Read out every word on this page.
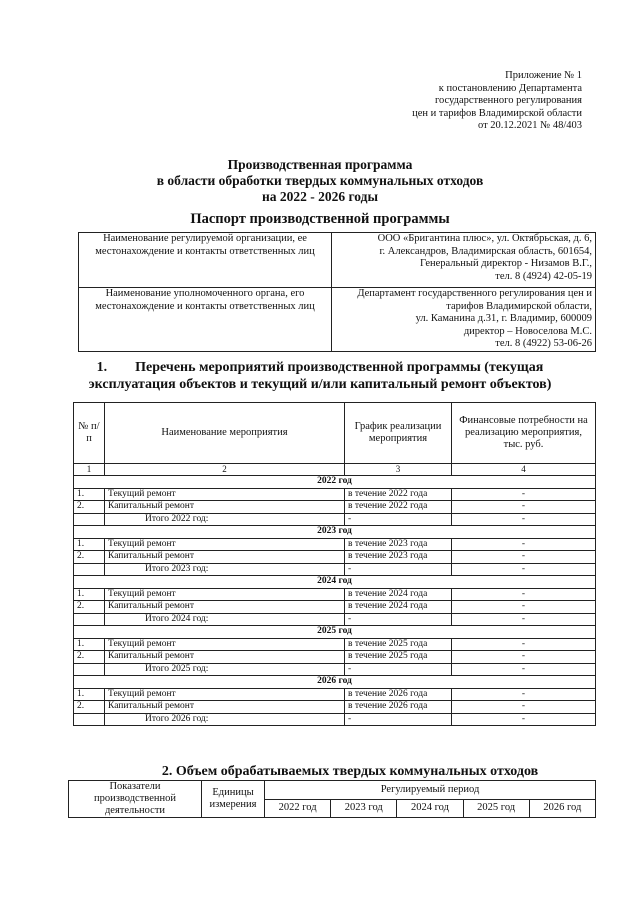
Приложение № 1
к постановлению Департамента
государственного регулирования
цен и тарифов Владимирской области
от 20.12.2021 № 48/403
Производственная программа
в области обработки твердых коммунальных отходов
на 2022 - 2026 годы
Паспорт производственной программы
Наименование регулируемой организации, ее местонахождение и контакты ответственных лиц	ООО «Бригантина плюс», ул. Октябрьская, д. 6,
г. Александров, Владимирская область, 601654,
Генеральный директор - Низамов В.Г.,
тел. 8 (4924) 42-05-19

Наименование уполномоченного органа, его местонахождение и контакты ответственных лиц	Департамент государственного регулирования цен и
тарифов Владимирской области,
ул. Каманина д.31, г. Владимир, 600009
директор – Новоселова М.С.
тел. 8 (4922) 53-06-26
1. Перечень мероприятий производственной программы (текущая
эксплуатация объектов и текущий и/или капитальный ремонт объектов)
№ п/п	Наименование мероприятия	График реализации мероприятия	Финансовые потребности на реализацию мероприятия, тыс. руб.
1	2	3	4
2022 год			
1.	Текущий ремонт	в течение 2022 года	-
2.	Капитальный ремонт	в течение 2022 года	-
	Итого 2022 год:	-	-
2023 год			
1.	Текущий ремонт	в течение 2023 года	-
2.	Капитальный ремонт	в течение 2023 года	-
	Итого 2023 год:	-	-
2024 год			
1.	Текущий ремонт	в течение 2024 года	-
2.	Капитальный ремонт	в течение 2024 года	-
	Итого 2024 год:	-	-
2025 год			
1.	Текущий ремонт	в течение 2025 года	-
2.	Капитальный ремонт	в течение 2025 года	-
	Итого 2025 год:	-	-
2026 год			
1.	Текущий ремонт	в течение 2026 года	-
2.	Капитальный ремонт	в течение 2026 года	-
	Итого 2026 год:	-	-
2. Объем обрабатываемых твердых коммунальных отходов
Показатели производственной деятельности	Единицы измерения	Регулируемый период				
		2022 год	2023 год	2024 год	2025 год	2026 год
